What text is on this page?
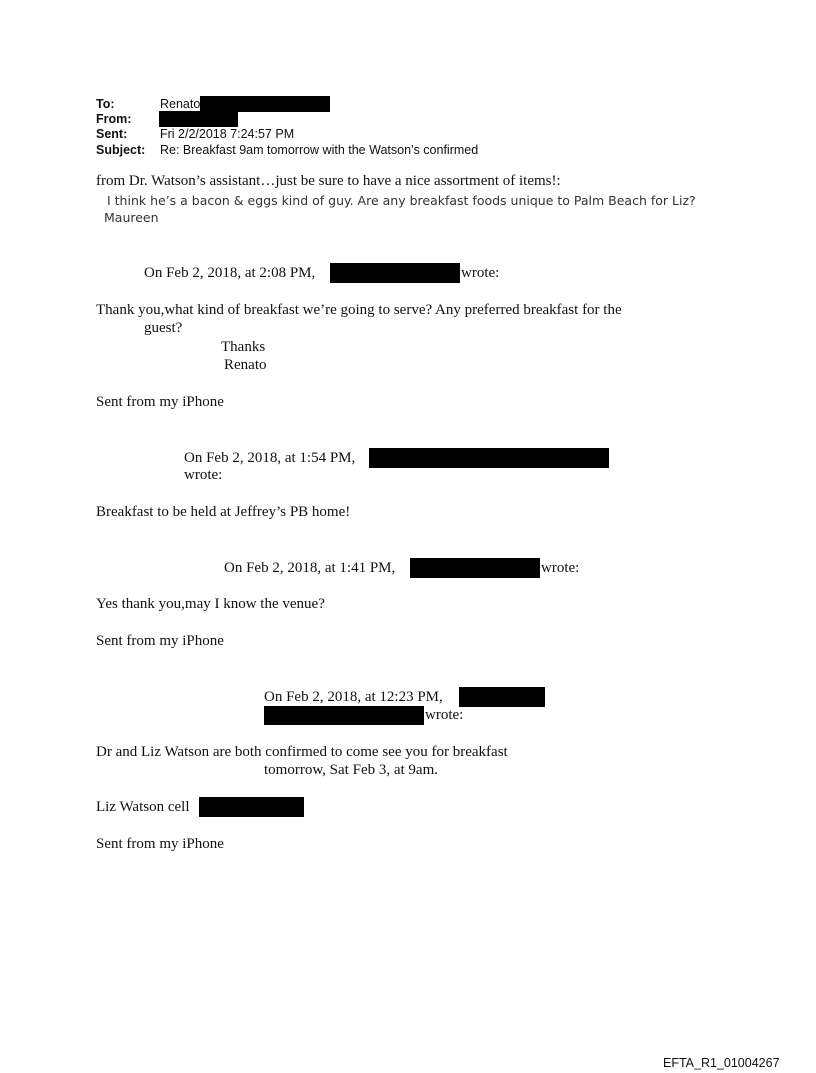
To:	Renato
From:
Sent:	Fri 2/2/2018 7:24:57 PM
Subject: Re: Breakfast 9am tomorrow with the Watson’s confirmed
from Dr. Watson’s assistant…just be sure to have a nice assortment of items!:
I think he’s a bacon & eggs kind of guy. Are any breakfast foods unique to Palm Beach for Liz?
Maureen
On Feb 2, 2018, at 2:08 PM,	wrote:
Thank you,what kind of breakfast we’re going to serve? Any preferred breakfast for the
guest?
Thanks
Renato
Sent from my iPhone
On Feb 2, 2018, at 1:54 PM,
wrote:
Breakfast to be held at Jeffrey’s PB home!
On Feb 2, 2018, at 1:41 PM,	wrote:
Yes thank you,may I know the venue?
Sent from my iPhone
On Feb 2, 2018, at 12:23 PM,
wrote:
Dr and Liz Watson are both confirmed to come see you for breakfast
tomorrow, Sat Feb 3, at 9am.
Liz Watson cell
Sent from my iPhone
EFTA_R1_01004267
